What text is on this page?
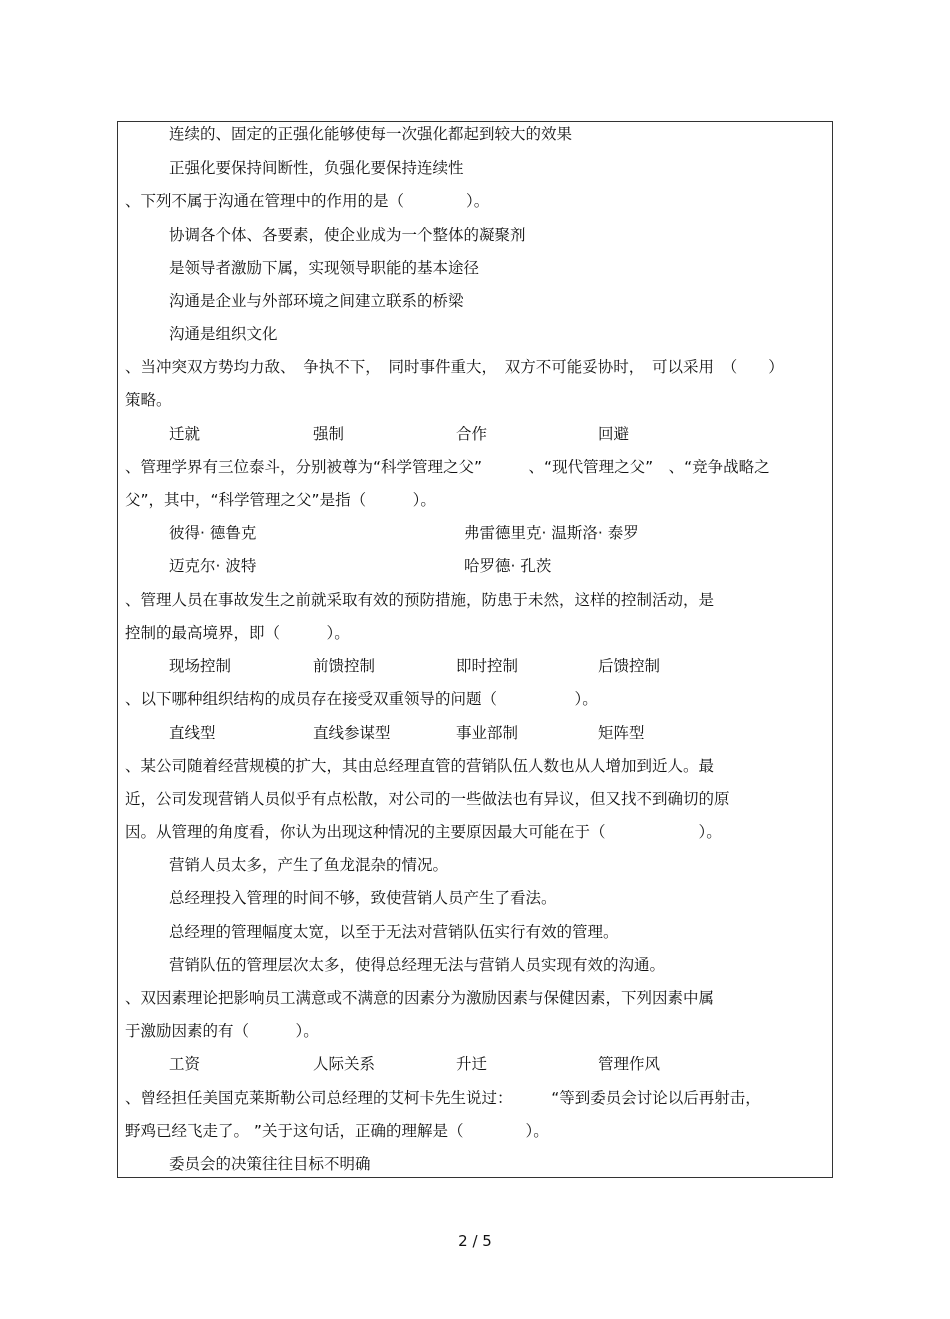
连续的、固定的正强化能够使每一次强化都起到较大的效果
正强化要保持间断性，负强化要保持连续性
、下列不属于沟通在管理中的作用的是（　　　　）。
协调各个体、各要素，使企业成为一个整体的凝聚剂
是领导者激励下属，实现领导职能的基本途径
沟通是企业与外部环境之间建立联系的桥梁
沟通是组织文化
、当冲突双方势均力敌、　争执不下，　同时事件重大，　双方不可能妥协时，　可以采用　（　　）
策略。
迁就	强制	合作	回避
、管理学界有三位泰斗，分别被尊为“科学管理之父”　　　、“现代管理之父”　、“竞争战略之
父”，其中，“科学管理之父”是指（　　　）。
彼得· 德鲁克	弗雷德里克· 温斯洛· 泰罗
迈克尔· 波特	哈罗德· 孔茨
、管理人员在事故发生之前就采取有效的预防措施，防患于未然，这样的控制活动，是
控制的最高境界，即（　　　）。
现场控制	前馈控制	即时控制	后馈控制
、以下哪种组织结构的成员存在接受双重领导的问题（　　　　　）。
直线型	直线参谋型	事业部制	矩阵型
、某公司随着经营规模的扩大，其由总经理直管的营销队伍人数也从人增加到近人。最
近，公司发现营销人员似乎有点松散，对公司的一些做法也有异议，但又找不到确切的原
因。从管理的角度看，你认为出现这种情况的主要原因最大可能在于（　　　　　　）。
营销人员太多，产生了鱼龙混杂的情况。
总经理投入管理的时间不够，致使营销人员产生了看法。
总经理的管理幅度太宽，以至于无法对营销队伍实行有效的管理。
营销队伍的管理层次太多，使得总经理无法与营销人员实现有效的沟通。
、双因素理论把影响员工满意或不满意的因素分为激励因素与保健因素，下列因素中属
于激励因素的有（　　　）。
工资	人际关系	升迁	管理作风
、曾经担任美国克莱斯勒公司总经理的艾柯卡先生说过：　　　“等到委员会讨论以后再射击，
野鸡已经飞走了。 ”关于这句话，正确的理解是（　　　　）。
委员会的决策往往目标不明确
2 / 5
